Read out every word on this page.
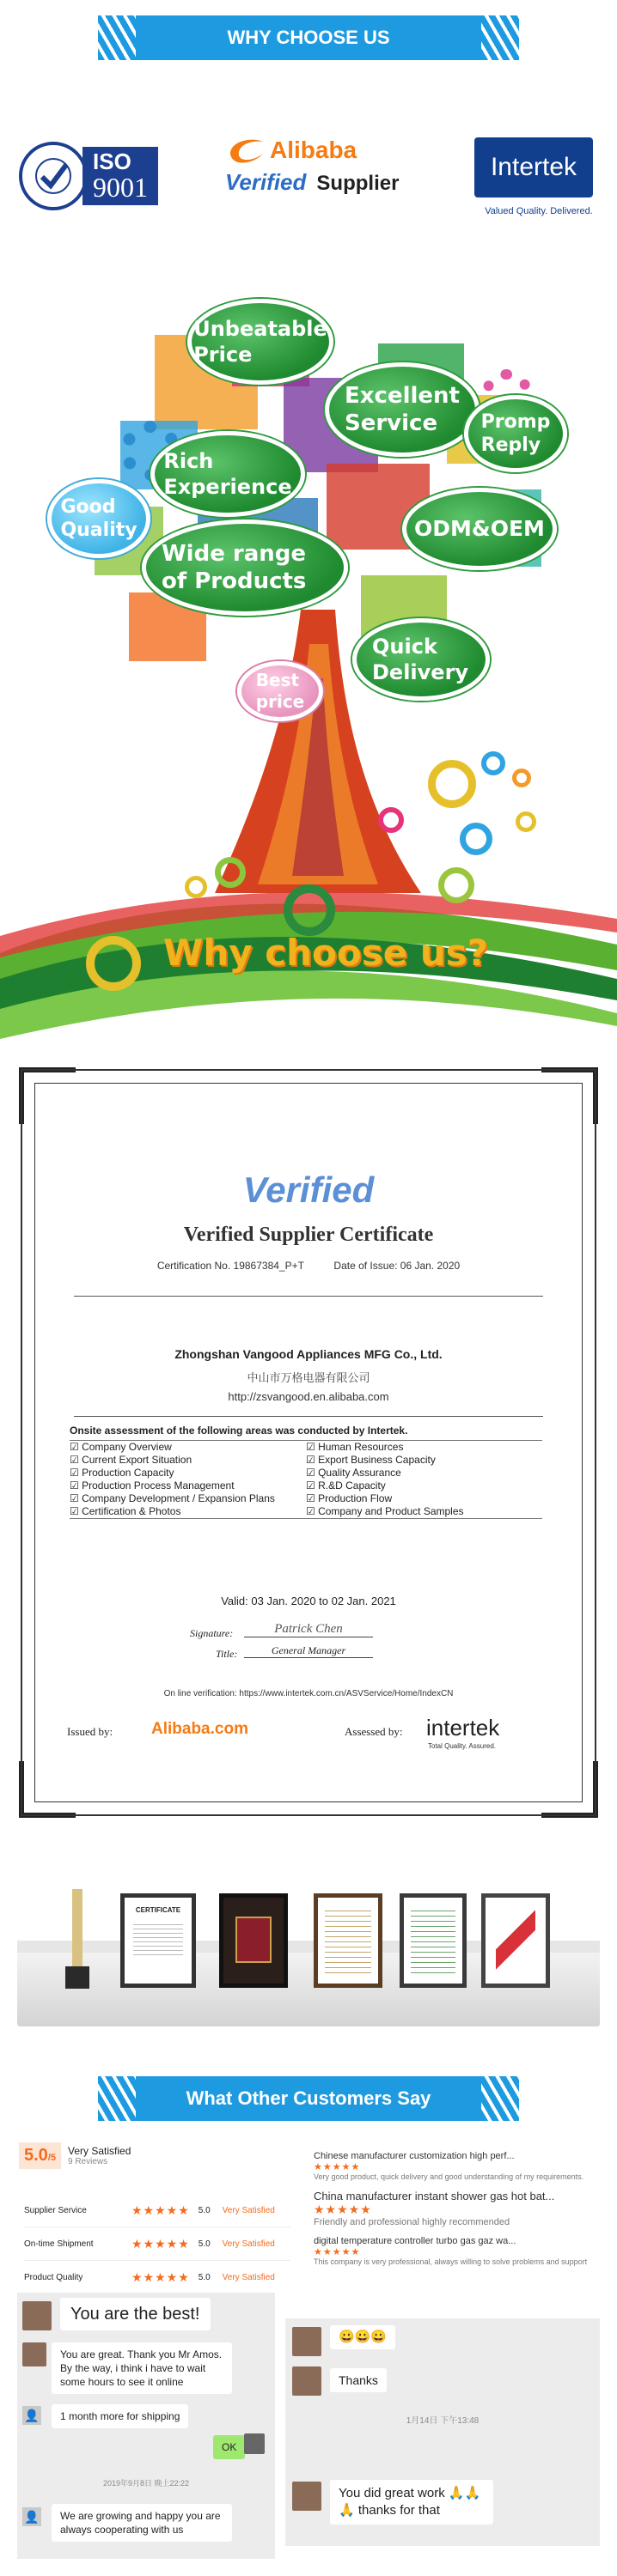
WHY CHOOSE US
ISO
9001
Alibaba
Verified Supplier
Intertek
Valued Quality. Delivered.
Unbeatable Price
Excellent Service	Promp Reply
Rich Experience
Good Quality	ODM&OEM
Wide range of Products
Quick Delivery
Best price
Why choose us?
Verified
Verified Supplier Certificate
Certification No. 19867384_P+T	Date of Issue: 06 Jan. 2020
Zhongshan Vangood Appliances MFG Co., Ltd.
中山市万格电器有限公司
http://zsvangood.en.alibaba.com
Onsite assessment of the following areas was conducted by Intertek.
☑ Company Overview	☑ Human Resources
☑ Current Export Situation	☑ Export Business Capacity
☑ Production Capacity	☑ Quality Assurance
☑ Production Process Management	☑ R.&D Capacity
☑ Company Development / Expansion Plans	☑ Production Flow
☑ Certification & Photos	☑ Company and Product Samples
Valid: 03 Jan. 2020 to 02 Jan. 2021
Signature:	Patrick Chen
Title:	General Manager
On line verification: https://www.intertek.com.cn/ASVService/Home/IndexCN
Issued by: Alibaba.com	Assessed by: intertek
Total Quality. Assured.
CERTIFICATE
What Other Customers Say
5.0/5
Very Satisfied
9 Reviews
Supplier Service	★★★★★ 5.0 Very Satisfied
On-time Shipment	★★★★★ 5.0 Very Satisfied
Product Quality	★★★★★ 5.0 Very Satisfied
Chinese manufacturer customization high perf...
★★★★★
Very good product, quick delivery and good understanding of my requirements.
China manufacturer instant shower gas hot bat...
★★★★★
Friendly and professional highly recommended
digital temperature controller turbo gas gaz wa...
★★★★★
This company is very professional, always willing to solve problems and support
You are the best!
You are great. Thank you Mr Amos. By the way, i think i have to wait some hours to see it online
👤	1 month more for shipping
OK
2019年9月8日 晚上22:22
👤	We are growing and happy you are always cooperating with us
😀😀😀
Thanks
1月14日 下午13:48
You did great work 🙏🙏🙏 thanks for that
